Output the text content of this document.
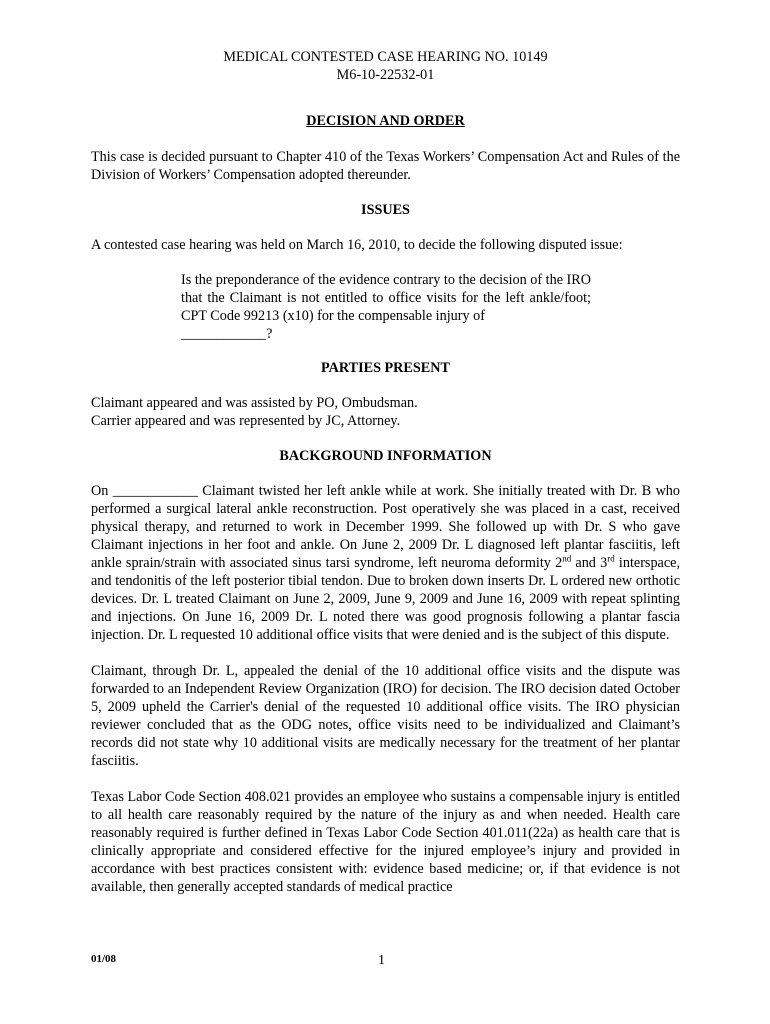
MEDICAL CONTESTED CASE HEARING NO. 10149

M6-10-22532-01

DECISION AND ORDER

This case is decided pursuant to Chapter 410 of the Texas Workers’ Compensation Act and Rules of the Division of Workers’ Compensation adopted thereunder.

ISSUES

A contested case hearing was held on March 16, 2010, to decide the following disputed issue:

Is the preponderance of the evidence contrary to the decision of the IRO that the Claimant is not entitled to office visits for the left ankle/foot; CPT Code 99213 (x10) for the compensable injury of

____________?

PARTIES PRESENT

Claimant appeared and was assisted by PO, Ombudsman.

Carrier appeared and was represented by JC, Attorney.

BACKGROUND INFORMATION

On ____________ Claimant twisted her left ankle while at work. She initially treated with Dr. B who performed a surgical lateral ankle reconstruction. Post operatively she was placed in a cast, received physical therapy, and returned to work in December 1999. She followed up with Dr. S who gave Claimant injections in her foot and ankle. On June 2, 2009 Dr. L diagnosed left plantar fasciitis, left ankle sprain/strain with associated sinus tarsi syndrome, left neuroma deformity 2nd and 3rd interspace, and tendonitis of the left posterior tibial tendon. Due to broken down inserts Dr. L ordered new orthotic devices. Dr. L treated Claimant on June 2, 2009, June 9, 2009 and June 16, 2009 with repeat splinting and injections. On June 16, 2009 Dr. L noted there was good prognosis following a plantar fascia injection. Dr. L requested 10 additional office visits that were denied and is the subject of this dispute.

Claimant, through Dr. L, appealed the denial of the 10 additional office visits and the dispute was forwarded to an Independent Review Organization (IRO) for decision. The IRO decision dated October 5, 2009 upheld the Carrier's denial of the requested 10 additional office visits. The IRO physician reviewer concluded that as the ODG notes, office visits need to be individualized and Claimant’s records did not state why 10 additional visits are medically necessary for the treatment of her plantar fasciitis.

Texas Labor Code Section 408.021 provides an employee who sustains a compensable injury is entitled to all health care reasonably required by the nature of the injury as and when needed. Health care reasonably required is further defined in Texas Labor Code Section 401.011(22a) as health care that is clinically appropriate and considered effective for the injured employee’s injury and provided in accordance with best practices consistent with: evidence based medicine; or, if that evidence is not available, then generally accepted standards of medical practice

01/08	1
